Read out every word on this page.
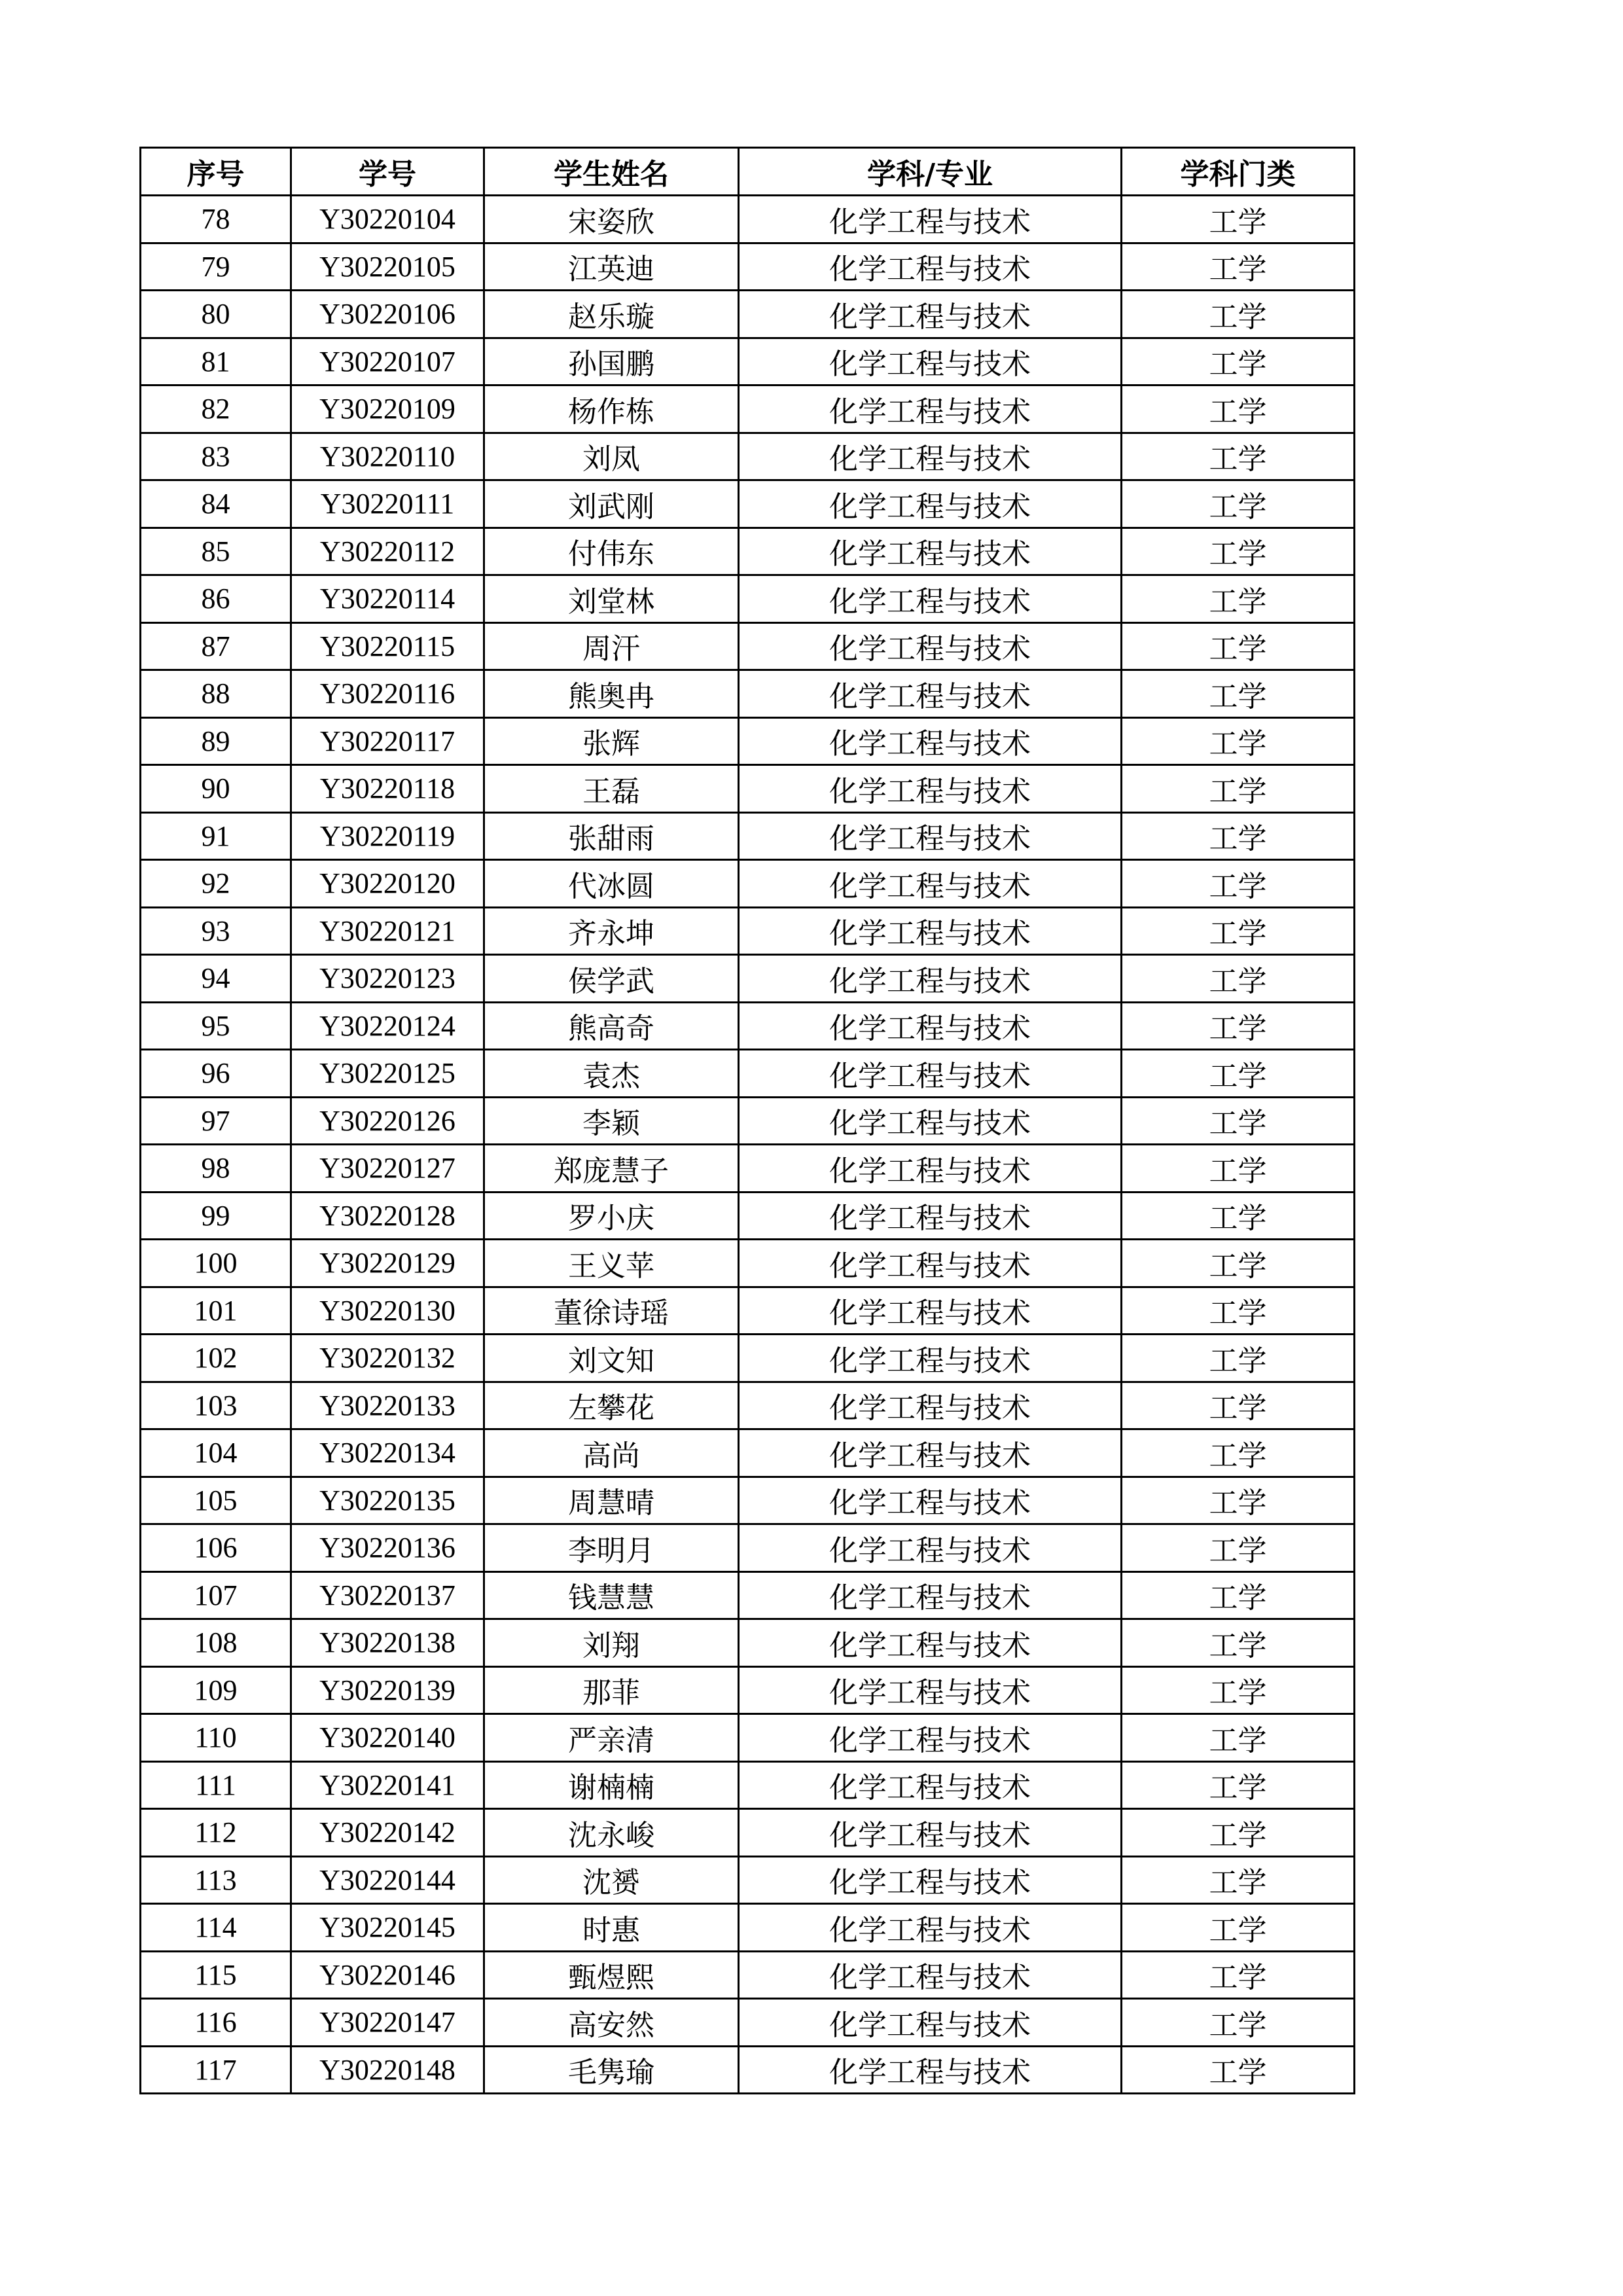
序号	学号	学生姓名	学科/专业	学科门类
78	Y30220104	宋姿欣	化学工程与技术	工学
79	Y30220105	江英迪	化学工程与技术	工学
80	Y30220106	赵乐璇	化学工程与技术	工学
81	Y30220107	孙国鹏	化学工程与技术	工学
82	Y30220109	杨作栋	化学工程与技术	工学
83	Y30220110	刘凤	化学工程与技术	工学
84	Y30220111	刘武刚	化学工程与技术	工学
85	Y30220112	付伟东	化学工程与技术	工学
86	Y30220114	刘堂林	化学工程与技术	工学
87	Y30220115	周汗	化学工程与技术	工学
88	Y30220116	熊奥冉	化学工程与技术	工学
89	Y30220117	张辉	化学工程与技术	工学
90	Y30220118	王磊	化学工程与技术	工学
91	Y30220119	张甜雨	化学工程与技术	工学
92	Y30220120	代冰圆	化学工程与技术	工学
93	Y30220121	齐永坤	化学工程与技术	工学
94	Y30220123	侯学武	化学工程与技术	工学
95	Y30220124	熊高奇	化学工程与技术	工学
96	Y30220125	袁杰	化学工程与技术	工学
97	Y30220126	李颖	化学工程与技术	工学
98	Y30220127	郑庞慧子	化学工程与技术	工学
99	Y30220128	罗小庆	化学工程与技术	工学
100	Y30220129	王义苹	化学工程与技术	工学
101	Y30220130	董徐诗瑶	化学工程与技术	工学
102	Y30220132	刘文知	化学工程与技术	工学
103	Y30220133	左攀花	化学工程与技术	工学
104	Y30220134	高尚	化学工程与技术	工学
105	Y30220135	周慧晴	化学工程与技术	工学
106	Y30220136	李明月	化学工程与技术	工学
107	Y30220137	钱慧慧	化学工程与技术	工学
108	Y30220138	刘翔	化学工程与技术	工学
109	Y30220139	那菲	化学工程与技术	工学
110	Y30220140	严亲清	化学工程与技术	工学
111	Y30220141	谢楠楠	化学工程与技术	工学
112	Y30220142	沈永峻	化学工程与技术	工学
113	Y30220144	沈赟	化学工程与技术	工学
114	Y30220145	时惠	化学工程与技术	工学
115	Y30220146	甄煜熙	化学工程与技术	工学
116	Y30220147	高安然	化学工程与技术	工学
117	Y30220148	毛隽瑜	化学工程与技术	工学
